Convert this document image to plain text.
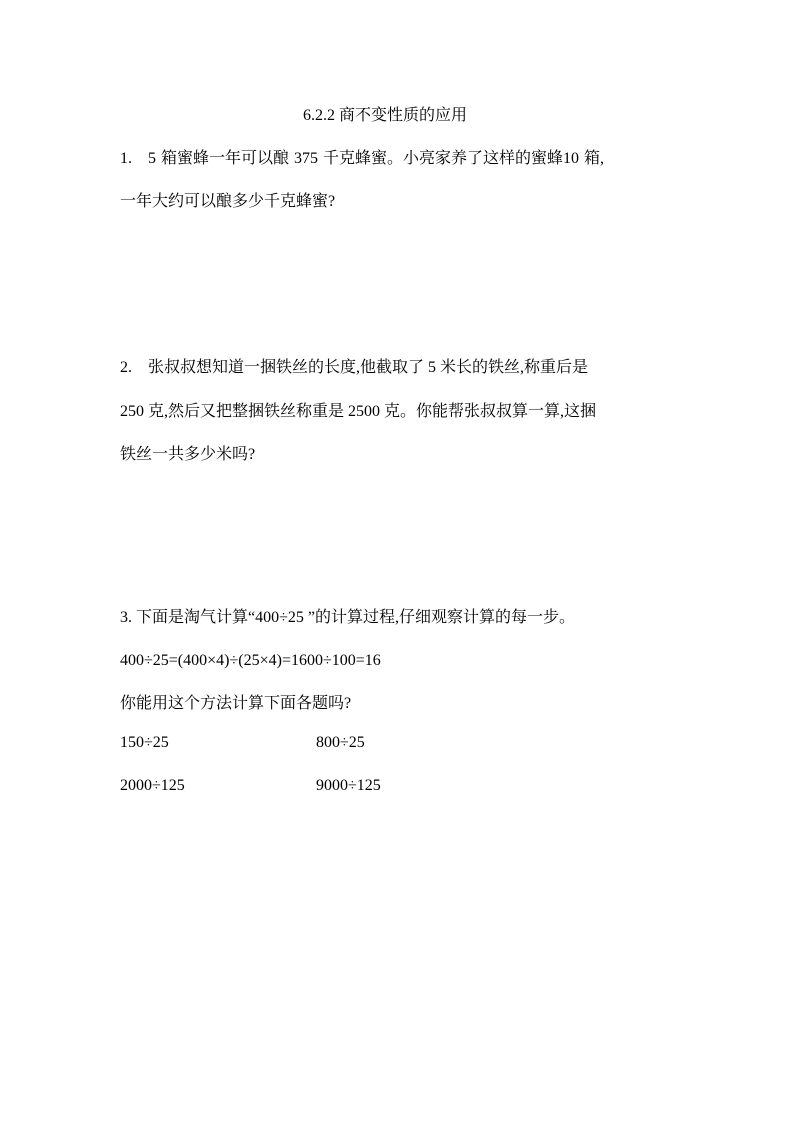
6.2.2 商不变性质的应用
1.　5 箱蜜蜂一年可以酿 375 千克蜂蜜。小亮家养了这样的蜜蜂10 箱,
一年大约可以酿多少千克蜂蜜?
2.　张叔叔想知道一捆铁丝的长度,他截取了 5 米长的铁丝,称重后是
250 克,然后又把整捆铁丝称重是 2500 克。你能帮张叔叔算一算,这捆
铁丝一共多少米吗?
3. 下面是淘气计算“400÷25 ”的计算过程,仔细观察计算的每一步。
400÷25=(400×4)÷(25×4)=1600÷100=16
你能用这个方法计算下面各题吗?
150÷25	800÷25
2000÷125	9000÷125
